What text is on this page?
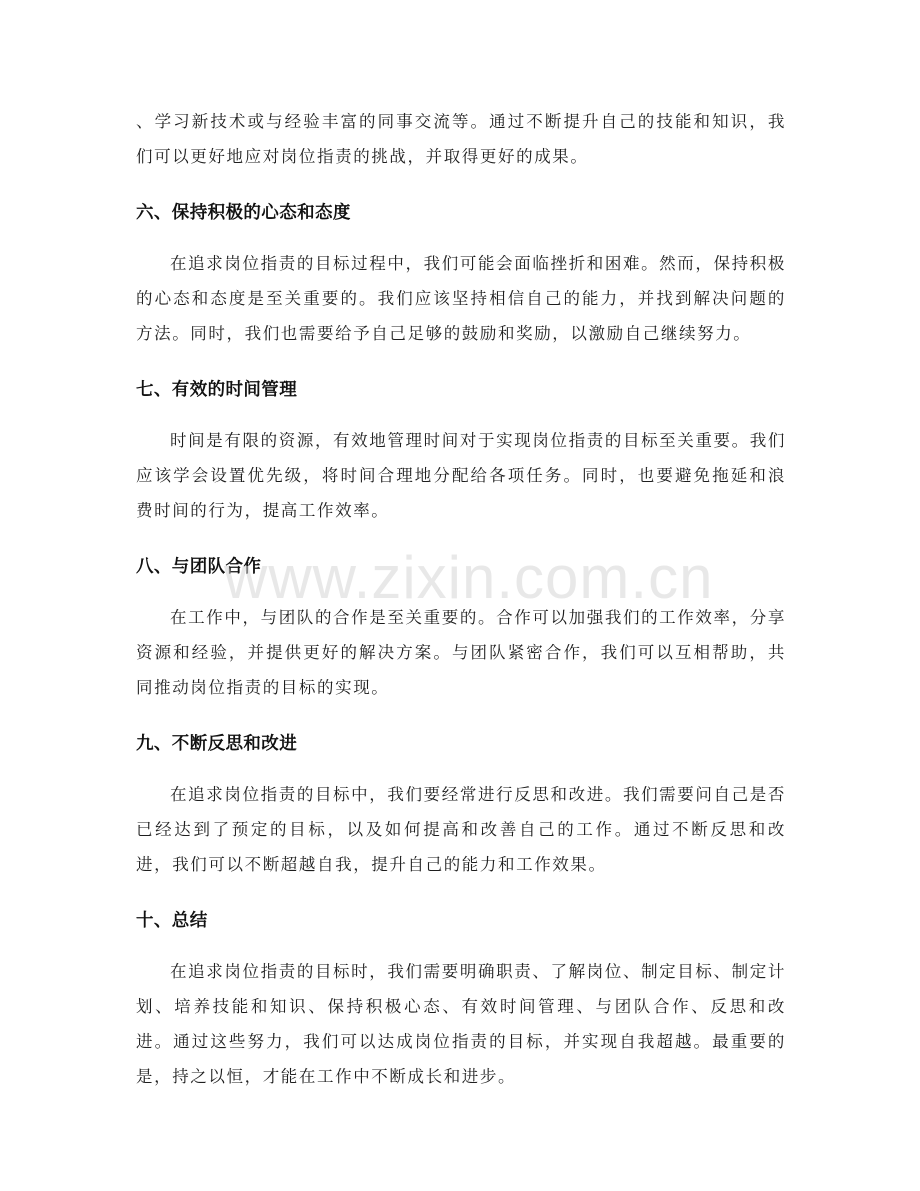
、学习新技术或与经验丰富的同事交流等。通过不断提升自己的技能和知识，我们可以更好地应对岗位指责的挑战，并取得更好的成果。

六、保持积极的心态和态度

在追求岗位指责的目标过程中，我们可能会面临挫折和困难。然而，保持积极的心态和态度是至关重要的。我们应该坚持相信自己的能力，并找到解决问题的方法。同时，我们也需要给予自己足够的鼓励和奖励，以激励自己继续努力。

七、有效的时间管理

时间是有限的资源，有效地管理时间对于实现岗位指责的目标至关重要。我们应该学会设置优先级，将时间合理地分配给各项任务。同时，也要避免拖延和浪费时间的行为，提高工作效率。

八、与团队合作

在工作中，与团队的合作是至关重要的。合作可以加强我们的工作效率，分享资源和经验，并提供更好的解决方案。与团队紧密合作，我们可以互相帮助，共同推动岗位指责的目标的实现。

九、不断反思和改进

在追求岗位指责的目标中，我们要经常进行反思和改进。我们需要问自己是否已经达到了预定的目标，以及如何提高和改善自己的工作。通过不断反思和改进，我们可以不断超越自我，提升自己的能力和工作效果。

十、总结

在追求岗位指责的目标时，我们需要明确职责、了解岗位、制定目标、制定计划、培养技能和知识、保持积极心态、有效时间管理、与团队合作、反思和改进。通过这些努力，我们可以达成岗位指责的目标，并实现自我超越。最重要的是，持之以恒，才能在工作中不断成长和进步。

www.zixin.com.cn
